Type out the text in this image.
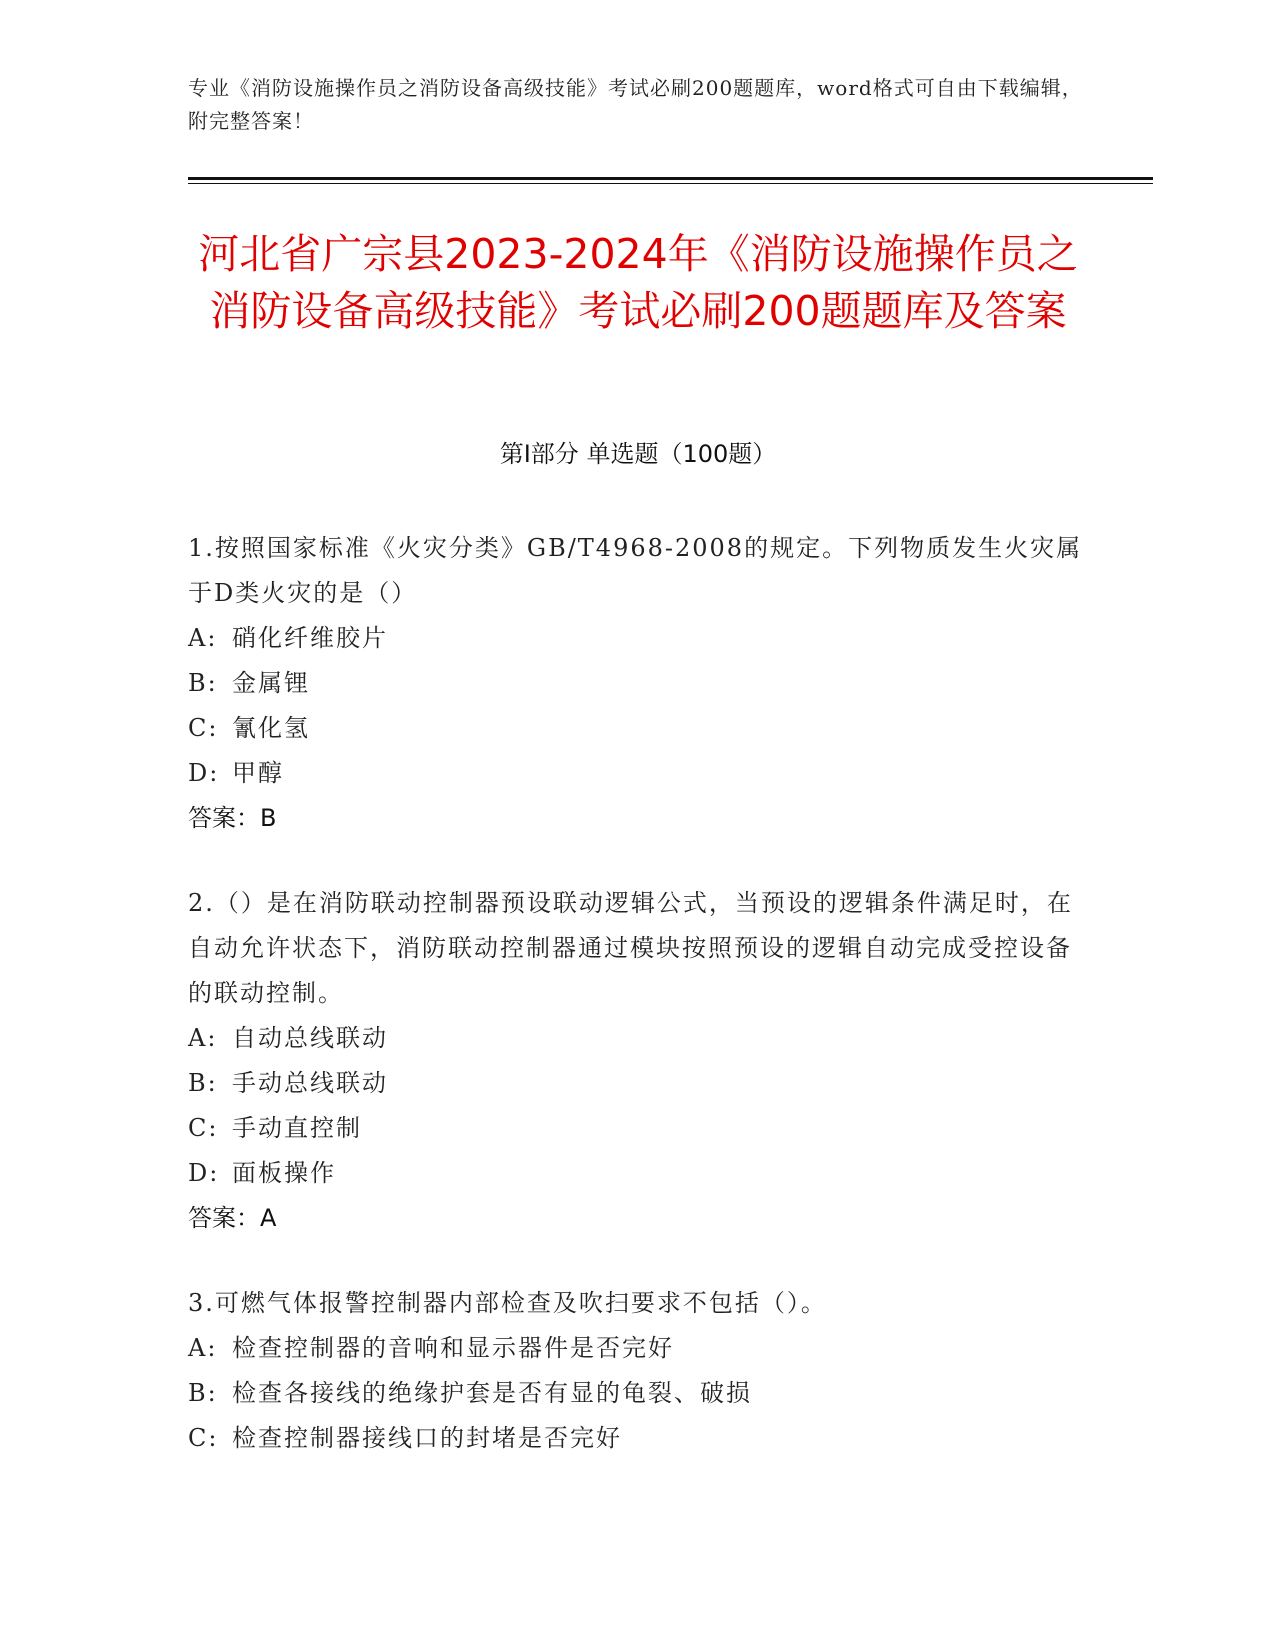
专业《消防设施操作员之消防设备高级技能》考试必刷200题题库，word格式可自由下载编辑，附完整答案！
河北省广宗县2023-2024年《消防设施操作员之消防设备高级技能》考试必刷200题题库及答案
第Ⅰ部分 单选题（100题）
1.按照国家标准《火灾分类》GB/T4968-2008的规定。下列物质发生火灾属于D类火灾的是（）
A: 硝化纤维胶片
B: 金属锂
C: 氰化氢
D: 甲醇
答案：B
2.（）是在消防联动控制器预设联动逻辑公式，当预设的逻辑条件满足时，在自动允许状态下，消防联动控制器通过模块按照预设的逻辑自动完成受控设备的联动控制。
A: 自动总线联动
B: 手动总线联动
C: 手动直控制
D: 面板操作
答案：A
3.可燃气体报警控制器内部检查及吹扫要求不包括（）。
A: 检查控制器的音响和显示器件是否完好
B: 检查各接线的绝缘护套是否有显的龟裂、破损
C: 检查控制器接线口的封堵是否完好
